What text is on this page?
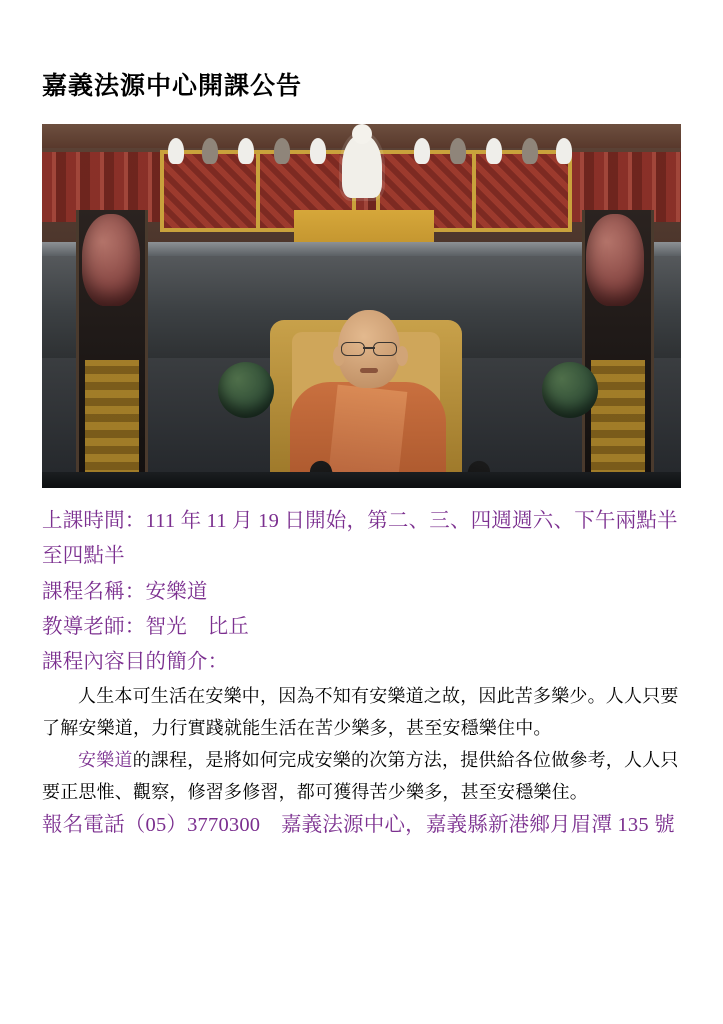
嘉義法源中心開課公告

上課時間：111 年 11 月 19 日開始，第二、三、四週週六、下午兩點半至四點半

課程名稱：安樂道

教導老師：智光　比丘

課程內容目的簡介：

人生本可生活在安樂中，因為不知有安樂道之故，因此苦多樂少。人人只要了解安樂道，力行實踐就能生活在苦少樂多，甚至安穩樂住中。

安樂道的課程，是將如何完成安樂的次第方法，提供給各位做參考，人人只要正思惟、觀察，修習多修習，都可獲得苦少樂多，甚至安穩樂住。

報名電話（05）3770300　嘉義法源中心，嘉義縣新港鄉月眉潭 135 號
